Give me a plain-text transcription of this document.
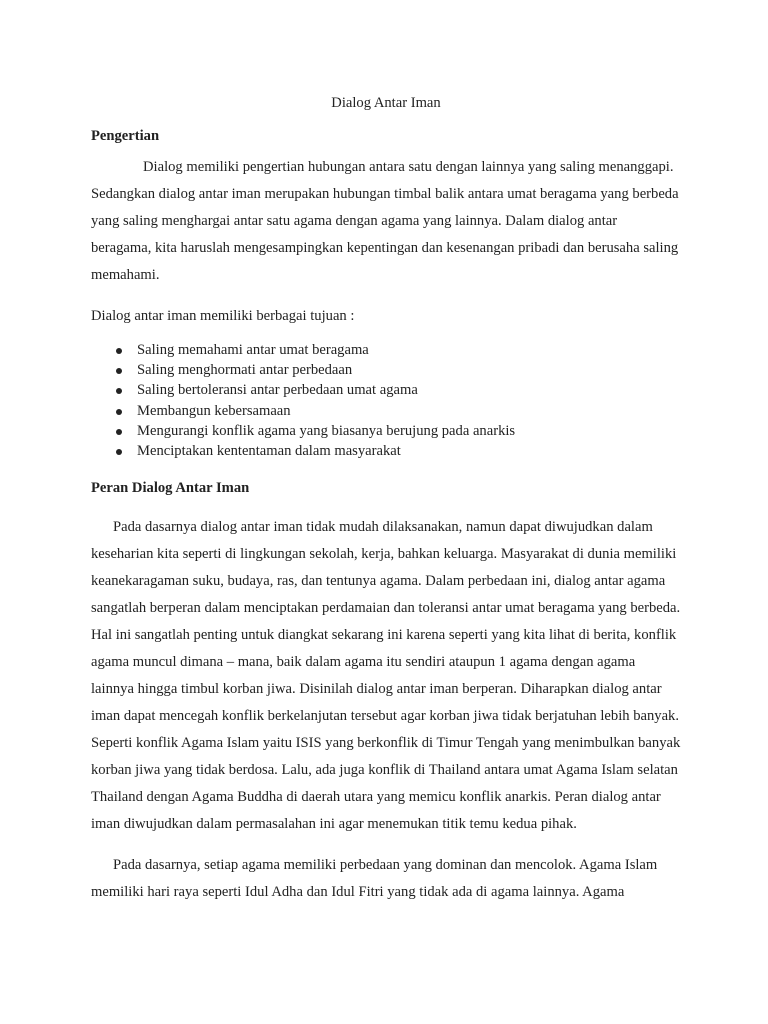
Dialog Antar Iman
Pengertian

Dialog memiliki pengertian hubungan antara satu dengan lainnya yang saling menanggapi. Sedangkan dialog antar iman merupakan hubungan timbal balik antara umat beragama yang berbeda yang saling menghargai antar satu agama dengan agama yang lainnya. Dalam dialog antar beragama, kita haruslah mengesampingkan kepentingan dan kesenangan pribadi dan berusaha saling memahami.

Dialog antar iman memiliki berbagai tujuan :

Saling memahami antar umat beragama
Saling menghormati antar perbedaan
Saling bertoleransi antar perbedaan umat agama
Membangun kebersamaan
Mengurangi konflik agama yang biasanya berujung pada anarkis
Menciptakan kententaman dalam masyarakat
Peran Dialog Antar Iman

Pada dasarnya dialog antar iman tidak mudah dilaksanakan, namun dapat diwujudkan dalam keseharian kita seperti di lingkungan sekolah, kerja, bahkan keluarga. Masyarakat di dunia memiliki keanekaragaman suku, budaya, ras, dan tentunya agama. Dalam perbedaan ini, dialog antar agama sangatlah berperan dalam menciptakan perdamaian dan toleransi antar umat beragama yang berbeda. Hal ini sangatlah penting untuk diangkat sekarang ini karena seperti yang kita lihat di berita, konflik agama muncul dimana – mana, baik dalam agama itu sendiri ataupun 1 agama dengan agama lainnya hingga timbul korban jiwa. Disinilah dialog antar iman berperan. Diharapkan dialog antar iman dapat mencegah konflik berkelanjutan tersebut agar korban jiwa tidak berjatuhan lebih banyak. Seperti konflik Agama Islam yaitu ISIS yang berkonflik di Timur Tengah yang menimbulkan banyak korban jiwa yang tidak berdosa. Lalu, ada juga konflik di Thailand antara umat Agama Islam selatan Thailand dengan Agama Buddha di daerah utara yang memicu konflik anarkis. Peran dialog antar iman diwujudkan dalam permasalahan ini agar menemukan titik temu kedua pihak.

Pada dasarnya, setiap agama memiliki perbedaan yang dominan dan mencolok. Agama Islam memiliki hari raya seperti Idul Adha dan Idul Fitri yang tidak ada di agama lainnya. Agama
